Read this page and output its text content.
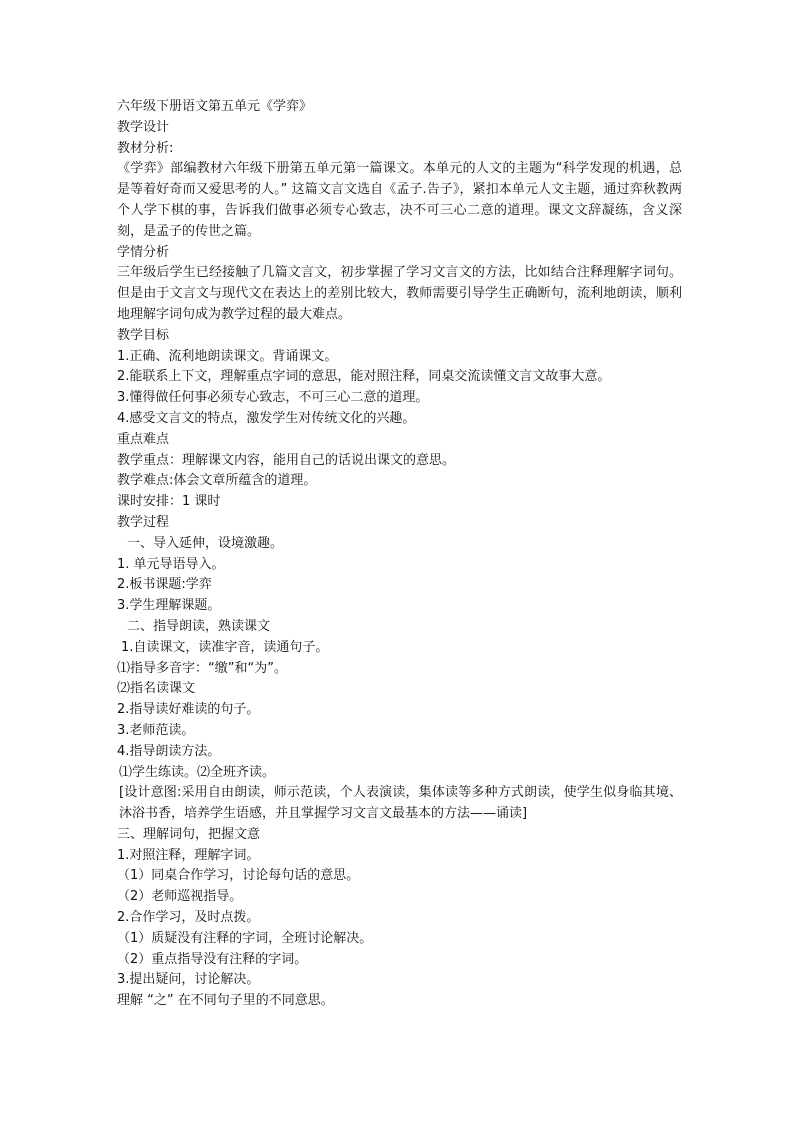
六年级下册语文第五单元《学弈》
教学设计
教材分析:
《学弈》部编教材六年级下册第五单元第一篇课文。本单元的人文的主题为“科学发现的机遇，总是等着好奇而又爱思考的人。” 这篇文言文选自《孟子.告子》，紧扣本单元人文主题，通过弈秋教两个人学下棋的事，告诉我们做事必须专心致志，决不可三心二意的道理。课文文辞凝练，含义深刻，是孟子的传世之篇。
学情分析
三年级后学生已经接触了几篇文言文，初步掌握了学习文言文的方法，比如结合注释理解字词句。但是由于文言文与现代文在表达上的差别比较大，教师需要引导学生正确断句，流利地朗读，顺利地理解字词句成为教学过程的最大难点。
教学目标
1.正确、流利地朗读课文。背诵课文。
2.能联系上下文，理解重点字词的意思，能对照注释，同桌交流读懂文言文故事大意。
3.懂得做任何事必须专心致志，不可三心二意的道理。
4.感受文言文的特点，激发学生对传统文化的兴趣。
重点难点
教学重点：理解课文内容，能用自己的话说出课文的意思。
教学难点:体会文章所蕴含的道理。
课时安排：1 课时
教学过程
一、导入延伸，设境激趣。
1. 单元导语导入。
2.板书课题:学弈
3.学生理解课题。
二、指导朗读，熟读课文
1.自读课文，读准字音，读通句子。
⑴指导多音字：“缴”和“为”。
⑵指名读课文
2.指导读好难读的句子。
3.老师范读。
4.指导朗读方法。
⑴学生练读。⑵全班齐读。
[设计意图:采用自由朗读，师示范读，个人表演读，集体读等多种方式朗读，使学生似身临其境、沐浴书香，培养学生语感，并且掌握学习文言文最基本的方法——诵读]
三、理解词句，把握文意
1.对照注释，理解字词。
（1）同桌合作学习，讨论每句话的意思。
（2）老师巡视指导。
2.合作学习，及时点拨。
（1）质疑没有注释的字词，全班讨论解决。
（2）重点指导没有注释的字词。
3.提出疑问，讨论解决。
理解 “之” 在不同句子里的不同意思。
